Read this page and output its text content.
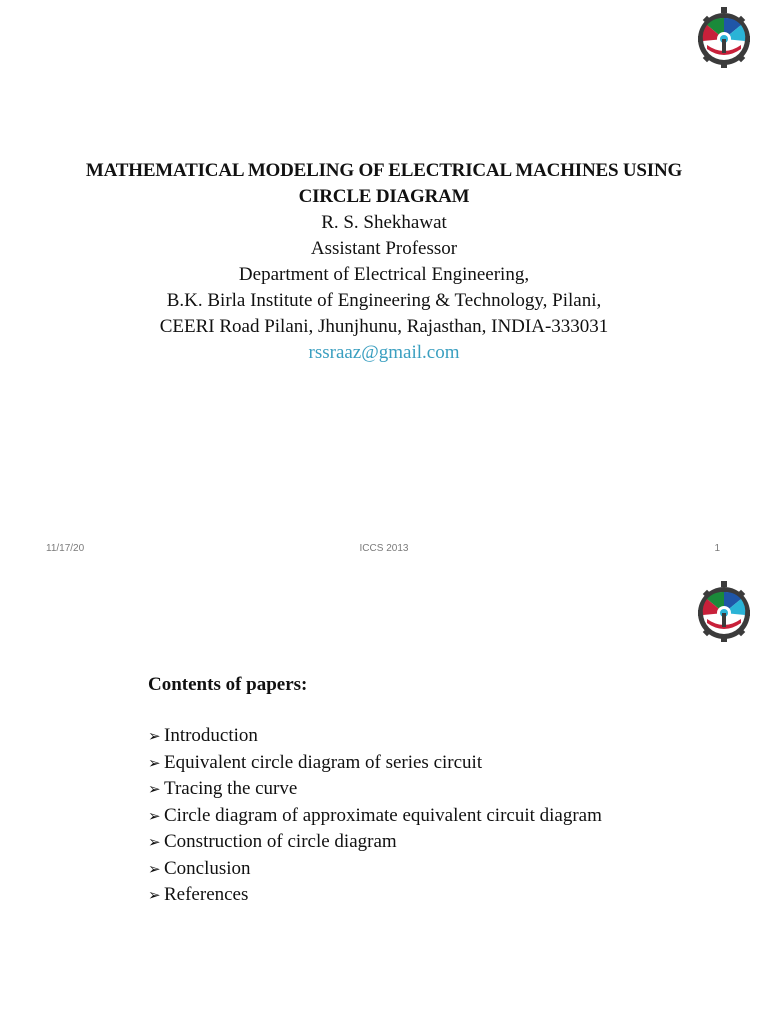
MATHEMATICAL MODELING OF ELECTRICAL MACHINES USING
CIRCLE DIAGRAM
R. S. Shekhawat
Assistant Professor
Department of Electrical Engineering,
B.K. Birla Institute of Engineering & Technology, Pilani,
CEERI Road Pilani, Jhunjhunu, Rajasthan, INDIA-333031
rssraaz@gmail.com
11/17/20	ICCS 2013	1
Contents of papers:
➢ Introduction
➢ Equivalent circle diagram of series circuit
➢ Tracing the curve
➢ Circle diagram of approximate equivalent circuit diagram
➢ Construction of circle diagram
➢ Conclusion
➢ References
